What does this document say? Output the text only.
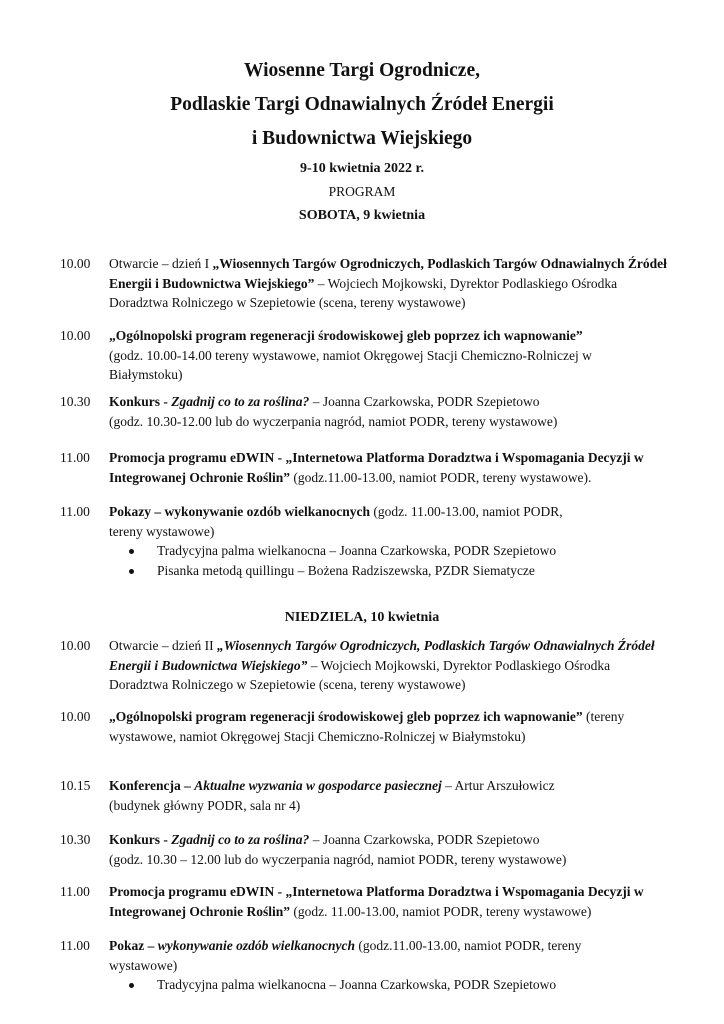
Wiosenne Targi Ogrodnicze,
Podlaskie Targi Odnawialnych Źródeł Energii
i Budownictwa Wiejskiego
9-10 kwietnia 2022 r.
PROGRAM
SOBOTA, 9 kwietnia
10.00	Otwarcie – dzień I „Wiosennych Targów Ogrodniczych, Podlaskich Targów Odnawialnych Źródeł Energii i Budownictwa Wiejskiego” – Wojciech Mojkowski, Dyrektor Podlaskiego Ośrodka Doradztwa Rolniczego w Szepietowie (scena, tereny wystawowe)
10.00	„Ogólnopolski program regeneracji środowiskowej gleb poprzez ich wapnowanie”
(godz. 10.00-14.00 tereny wystawowe, namiot Okręgowej Stacji Chemiczno-Rolniczej w Białymstoku)
10.30	Konkurs - Zgadnij co to za roślina? – Joanna Czarkowska, PODR Szepietowo
(godz. 10.30-12.00 lub do wyczerpania nagród, namiot PODR, tereny wystawowe)
11.00	Promocja programu eDWIN - „Internetowa Platforma Doradztwa i Wspomagania Decyzji w Integrowanej Ochronie Roślin” (godz.11.00-13.00, namiot PODR, tereny wystawowe).
11.00	Pokazy – wykonywanie ozdób wielkanocnych (godz. 11.00-13.00, namiot PODR, tereny wystawowe)
Tradycyjna palma wielkanocna – Joanna Czarkowska, PODR Szepietowo
Pisanka metodą quillingu – Bożena Radziszewska, PZDR Siematycze
NIEDZIELA, 10 kwietnia
10.00	Otwarcie – dzień II „Wiosennych Targów Ogrodniczych, Podlaskich Targów Odnawialnych Źródeł Energii i Budownictwa Wiejskiego” – Wojciech Mojkowski, Dyrektor Podlaskiego Ośrodka Doradztwa Rolniczego w Szepietowie (scena, tereny wystawowe)
10.00	„Ogólnopolski program regeneracji środowiskowej gleb poprzez ich wapnowanie” (tereny wystawowe, namiot Okręgowej Stacji Chemiczno-Rolniczej w Białymstoku)
10.15	Konferencja – Aktualne wyzwania w gospodarce pasiecznej – Artur Arszułowicz
(budynek główny PODR, sala nr 4)
10.30	Konkurs - Zgadnij co to za roślina? – Joanna Czarkowska, PODR Szepietowo
(godz. 10.30 – 12.00 lub do wyczerpania nagród, namiot PODR, tereny wystawowe)
11.00	Promocja programu eDWIN - „Internetowa Platforma Doradztwa i Wspomagania Decyzji w Integrowanej Ochronie Roślin” (godz. 11.00-13.00, namiot PODR, tereny wystawowe)
11.00	Pokaz – wykonywanie ozdób wielkanocnych (godz.11.00-13.00, namiot PODR, tereny wystawowe)
Tradycyjna palma wielkanocna – Joanna Czarkowska, PODR Szepietowo
